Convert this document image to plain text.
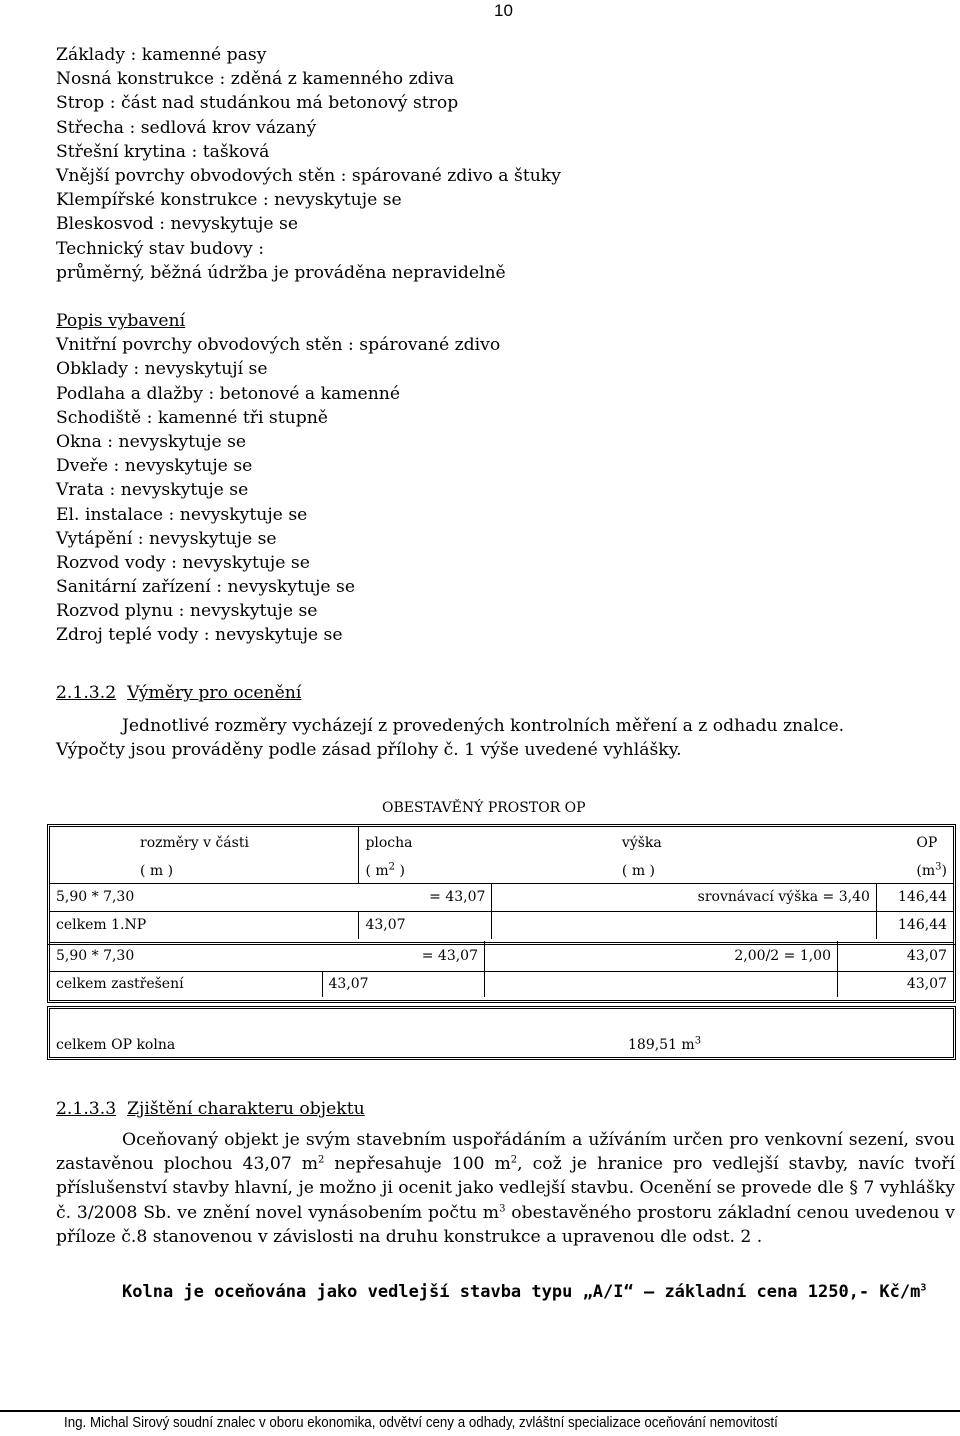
10
Základy : kamenné pasy
Nosná konstrukce : zděná z kamenného zdiva
Strop : část nad studánkou má betonový strop
Střecha : sedlová krov vázaný
Střešní krytina : tašková
Vnější povrchy obvodových stěn : spárované zdivo a štuky
Klempířské konstrukce : nevyskytuje se
Bleskosvod : nevyskytuje se
Technický stav budovy :
průměrný, běžná údržba je prováděna nepravidelně
Popis vybavení
Vnitřní povrchy obvodových stěn : spárované zdivo
Obklady : nevyskytují se
Podlaha a dlažby : betonové a kamenné
Schodiště : kamenné tři stupně
Okna : nevyskytuje se
Dveře : nevyskytuje se
Vrata : nevyskytuje se
El. instalace : nevyskytuje se
Vytápění : nevyskytuje se
Rozvod vody : nevyskytuje se
Sanitární zařízení : nevyskytuje se
Rozvod plynu : nevyskytuje se
Zdroj teplé vody : nevyskytuje se
2.1.3.2 Výměry pro ocenění
Jednotlivé rozměry vycházejí z provedených kontrolních měření a z odhadu znalce.
Výpočty jsou prováděny podle zásad přílohy č. 1 výše uvedené vyhlášky.
OBESTAVĚNÝ PROSTOR OP
rozměry v části	plocha	výška	OP
( m )	( $m^2$ )	( m )	$(m^3)$
5,90 * 7,30	= 43,07	srovnávací výška = 3,40	146,44
celkem 1.NP	43,07		146,44
5,90 * 7,30	= 43,07	2,00/2 = 1,00	43,07
celkem zastřešení	43,07		43,07
celkem OP kolna	189,51 $m^3$
2.1.3.3 Zjištění charakteru objektu

Oceňovaný objekt je svým stavebním uspořádáním a užíváním určen pro venkovní sezení, svou zastavěnou plochou 43,07 $m^2$ nepřesahuje 100 $m^2$, což je hranice pro vedlejší stavby, navíc tvoří příslušenství stavby hlavní, je možno ji ocenit jako vedlejší stavbu. Ocenění se provede dle § 7 vyhlášky č. 3/2008 Sb. ve znění novel vynásobením počtu $m^3$ obestavěného prostoru základní cenou uvedenou v příloze č.8 stanovenou v závislosti na druhu konstrukce a upravenou dle odst. 2 .

Kolna je oceňována jako vedlejší stavba typu „A/I“ – základní cena 1250,- $Kč/m^3$
Ing. Michal Sirový soudní znalec v oboru ekonomika, odvětví ceny a odhady, zvláštní specializace oceňování nemovitostí
